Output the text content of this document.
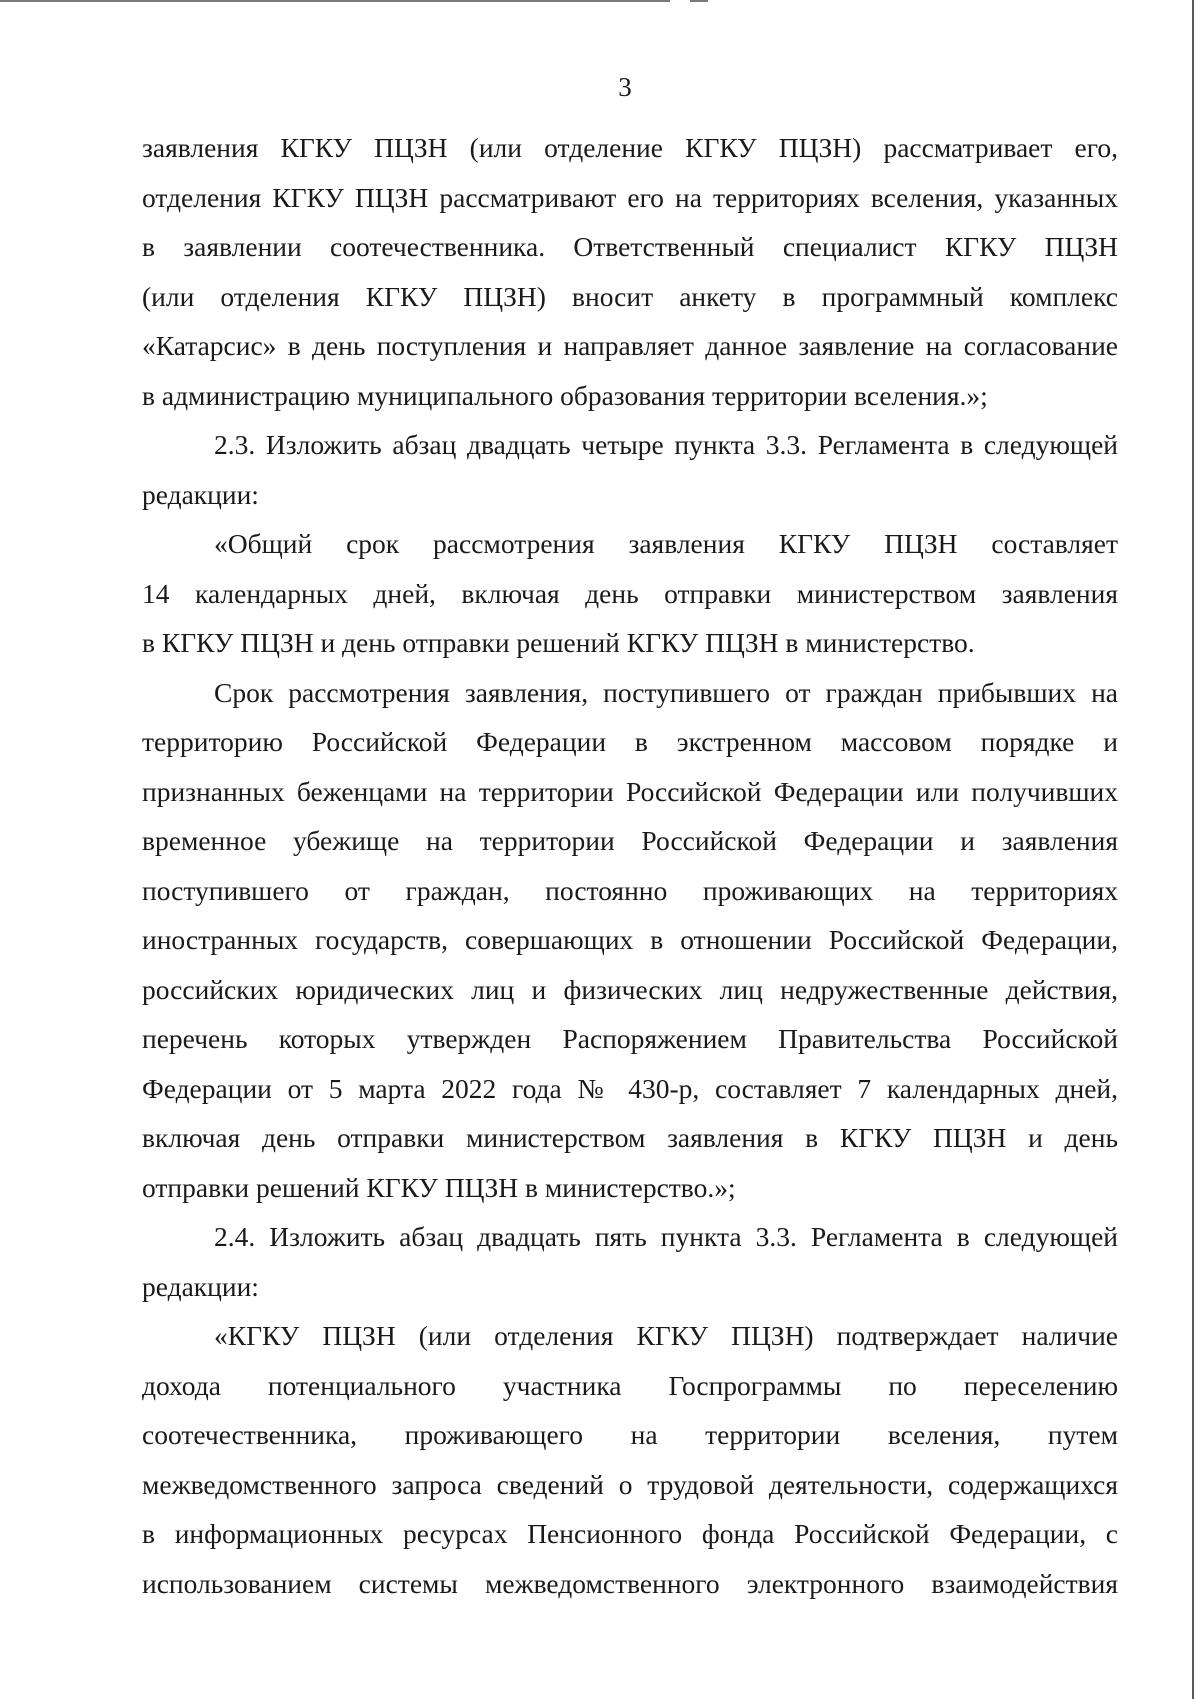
3
заявления КГКУ ПЦЗН (или отделение КГКУ ПЦЗН) рассматривает его,
отделения КГКУ ПЦЗН рассматривают его на территориях вселения, указанных
в заявлении соотечественника. Ответственный специалист КГКУ ПЦЗН
(или отделения КГКУ ПЦЗН) вносит анкету в программный комплекс
«Катарсис» в день поступления и направляет данное заявление на согласование
в администрацию муниципального образования территории вселения.»;
2.3. Изложить абзац двадцать четыре пункта 3.3. Регламента в следующей
редакции:
«Общий срок рассмотрения заявления КГКУ ПЦЗН составляет
14 календарных дней, включая день отправки министерством заявления
в КГКУ ПЦЗН и день отправки решений КГКУ ПЦЗН в министерство.
Срок рассмотрения заявления, поступившего от граждан прибывших на
территорию Российской Федерации в экстренном массовом порядке и
признанных беженцами на территории Российской Федерации или получивших
временное убежище на территории Российской Федерации и заявления
поступившего от граждан, постоянно проживающих на территориях
иностранных государств, совершающих в отношении Российской Федерации,
российских юридических лиц и физических лиц недружественные действия,
перечень которых утвержден Распоряжением Правительства Российской
Федерации от 5 марта 2022 года № 430-р, составляет 7 календарных дней,
включая день отправки министерством заявления в КГКУ ПЦЗН и день
отправки решений КГКУ ПЦЗН в министерство.»;
2.4. Изложить абзац двадцать пять пункта 3.3. Регламента в следующей
редакции:
«КГКУ ПЦЗН (или отделения КГКУ ПЦЗН) подтверждает наличие
дохода потенциального участника Госпрограммы по переселению
соотечественника, проживающего на территории вселения, путем
межведомственного запроса сведений о трудовой деятельности, содержащихся
в информационных ресурсах Пенсионного фонда Российской Федерации, с
использованием системы межведомственного электронного взаимодействия
